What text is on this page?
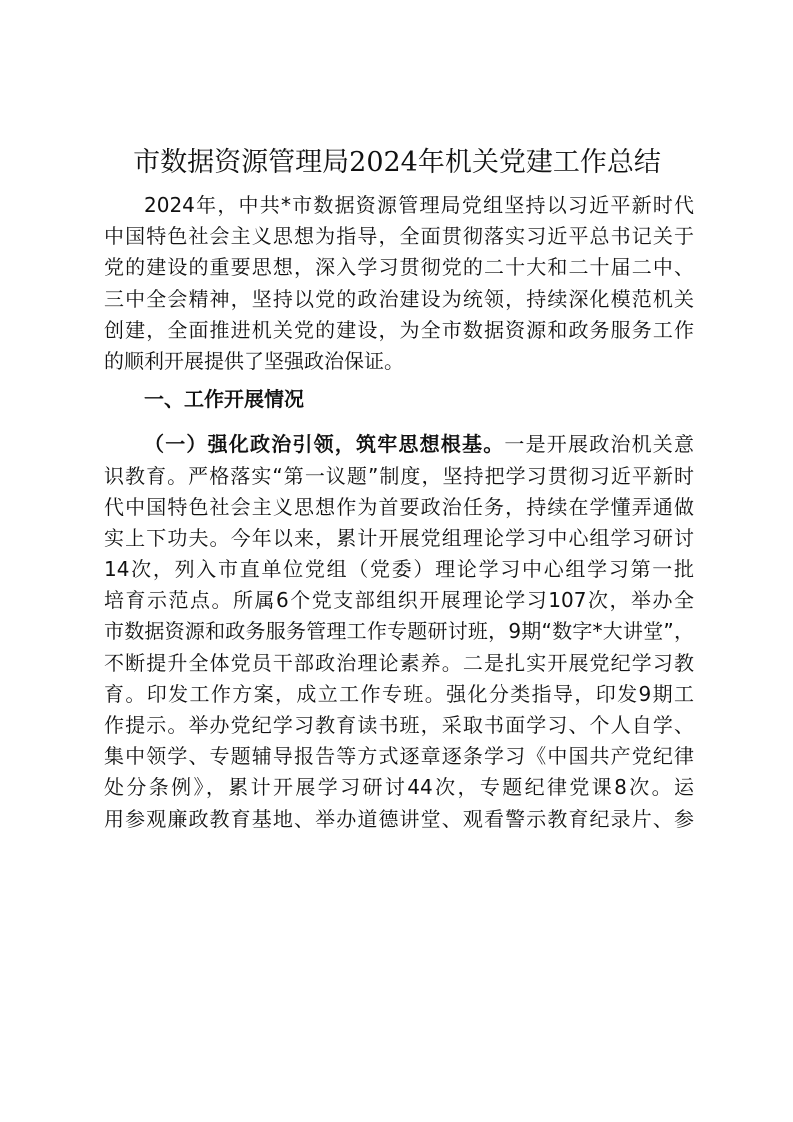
市数据资源管理局2024年机关党建工作总结
2024年，中共*市数据资源管理局党组坚持以习近平新时代
中国特色社会主义思想为指导，全面贯彻落实习近平总书记关于
党的建设的重要思想，深入学习贯彻党的二十大和二十届二中、
三中全会精神，坚持以党的政治建设为统领，持续深化模范机关
创建，全面推进机关党的建设，为全市数据资源和政务服务工作
的顺利开展提供了坚强政治保证。
一、工作开展情况
（一）强化政治引领，筑牢思想根基。一是开展政治机关意
识教育。严格落实“第一议题”制度，坚持把学习贯彻习近平新时
代中国特色社会主义思想作为首要政治任务，持续在学懂弄通做
实上下功夫。今年以来，累计开展党组理论学习中心组学习研讨
14次，列入市直单位党组（党委）理论学习中心组学习第一批
培育示范点。所属6个党支部组织开展理论学习107次，举办全
市数据资源和政务服务管理工作专题研讨班，9期“数字*大讲堂”，
不断提升全体党员干部政治理论素养。二是扎实开展党纪学习教
育。印发工作方案，成立工作专班。强化分类指导，印发9期工
作提示。举办党纪学习教育读书班，采取书面学习、个人自学、
集中领学、专题辅导报告等方式逐章逐条学习《中国共产党纪律
处分条例》，累计开展学习研讨44次，专题纪律党课8次。运
用参观廉政教育基地、举办道德讲堂、观看警示教育纪录片、参
